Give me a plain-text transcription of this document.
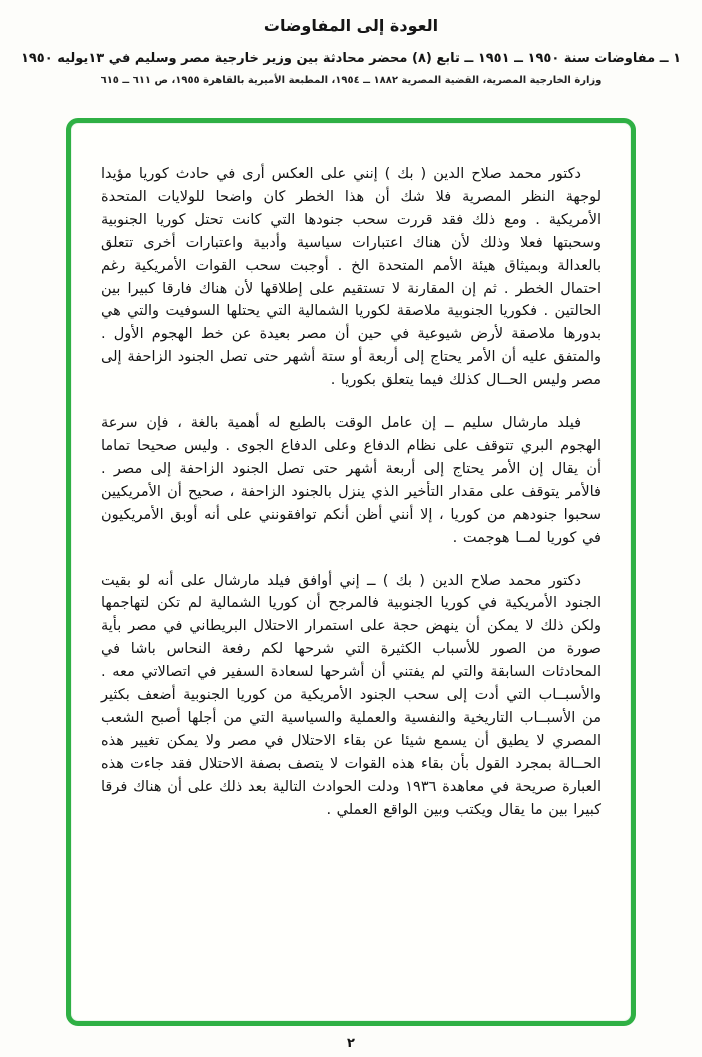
العودة إلى المفاوضات
١ ــ مفاوضات سنة ١٩٥٠ ــ ١٩٥١ ــ تابع (٨) محضر محادثة بين وزير خارجية مصر وسليم في ١٣يوليه ١٩٥٠
وزارة الخارجية المصرية، القضية المصرية ١٨٨٢ ــ ١٩٥٤، المطبعة الأميرية بالقاهرة ١٩٥٥، ص ٦١١ ــ ٦١٥

دكتور محمد صلاح الدين ( بك ) إنني على العكس أرى في حادث كوريا مؤيدا لوجهة النظر المصرية فلا شك أن هذا الخطر كان واضحا للولايات المتحدة الأمريكية . ومع ذلك فقد قررت سحب جنودها التي كانت تحتل كوريا الجنوبية وسحبتها فعلا وذلك لأن هناك اعتبارات سياسية وأدبية واعتبارات أخرى تتعلق بالعدالة وبميثاق هيئة الأمم المتحدة الخ . أوجبت سحب القوات الأمريكية رغم احتمال الخطر . ثم إن المقارنة لا تستقيم على إطلاقها لأن هناك فارقا كبيرا بين الحالتين . فكوريا الجنوبية ملاصقة لكوريا الشمالية التي يحتلها السوفيت والتي هي بدورها ملاصقة لأرض شيوعية في حين أن مصر بعيدة عن خط الهجوم الأول . والمتفق عليه أن الأمر يحتاج إلى أربعة أو ستة أشهر حتى تصل الجنود الزاحفة إلى مصر وليس الحــال كذلك فيما يتعلق بكوريا .

فيلد مارشال سليم ــ إن عامل الوقت بالطبع له أهمية بالغة ، فإن سرعة الهجوم البري تتوقف على نظام الدفاع وعلى الدفاع الجوى . وليس صحيحا تماما أن يقال إن الأمر يحتاج إلى أربعة أشهر حتى تصل الجنود الزاحفة إلى مصر . فالأمر يتوقف على مقدار التأخير الذي ينزل بالجنود الزاحفة ، صحيح أن الأمريكيين سحبوا جنودهم من كوريا ، إلا أنني أظن أنكم توافقونني على أنه أوبق الأمريكيون في كوريا لمــا هوجمت .

دكتور محمد صلاح الدين ( بك ) ــ إني أوافق فيلد مارشال على أنه لو بقيت الجنود الأمريكية في كوريا الجنوبية فالمرجح أن كوريا الشمالية لم تكن لتهاجمها ولكن ذلك لا يمكن أن ينهض حجة على استمرار الاحتلال البريطاني في مصر بأية صورة من الصور للأسباب الكثيرة التي شرحها لكم رفعة النحاس باشا في المحادثات السابقة والتي لم يفتني أن أشرحها لسعادة السفير في اتصالاتي معه . والأسبــاب التي أدت إلى سحب الجنود الأمريكية من كوريا الجنوبية أضعف بكثير من الأسبــاب التاريخية والنفسية والعملية والسياسية التي من أجلها أصبح الشعب المصري لا يطيق أن يسمع شيئا عن بقاء الاحتلال في مصر ولا يمكن تغيير هذه الحــالة بمجرد القول بأن بقاء هذه القوات لا يتصف بصفة الاحتلال فقد جاءت هذه العبارة صريحة في معاهدة ١٩٣٦ ودلت الحوادث التالية بعد ذلك على أن هناك فرقا كبيرا بين ما يقال ويكتب وبين الواقع العملي .

٢
